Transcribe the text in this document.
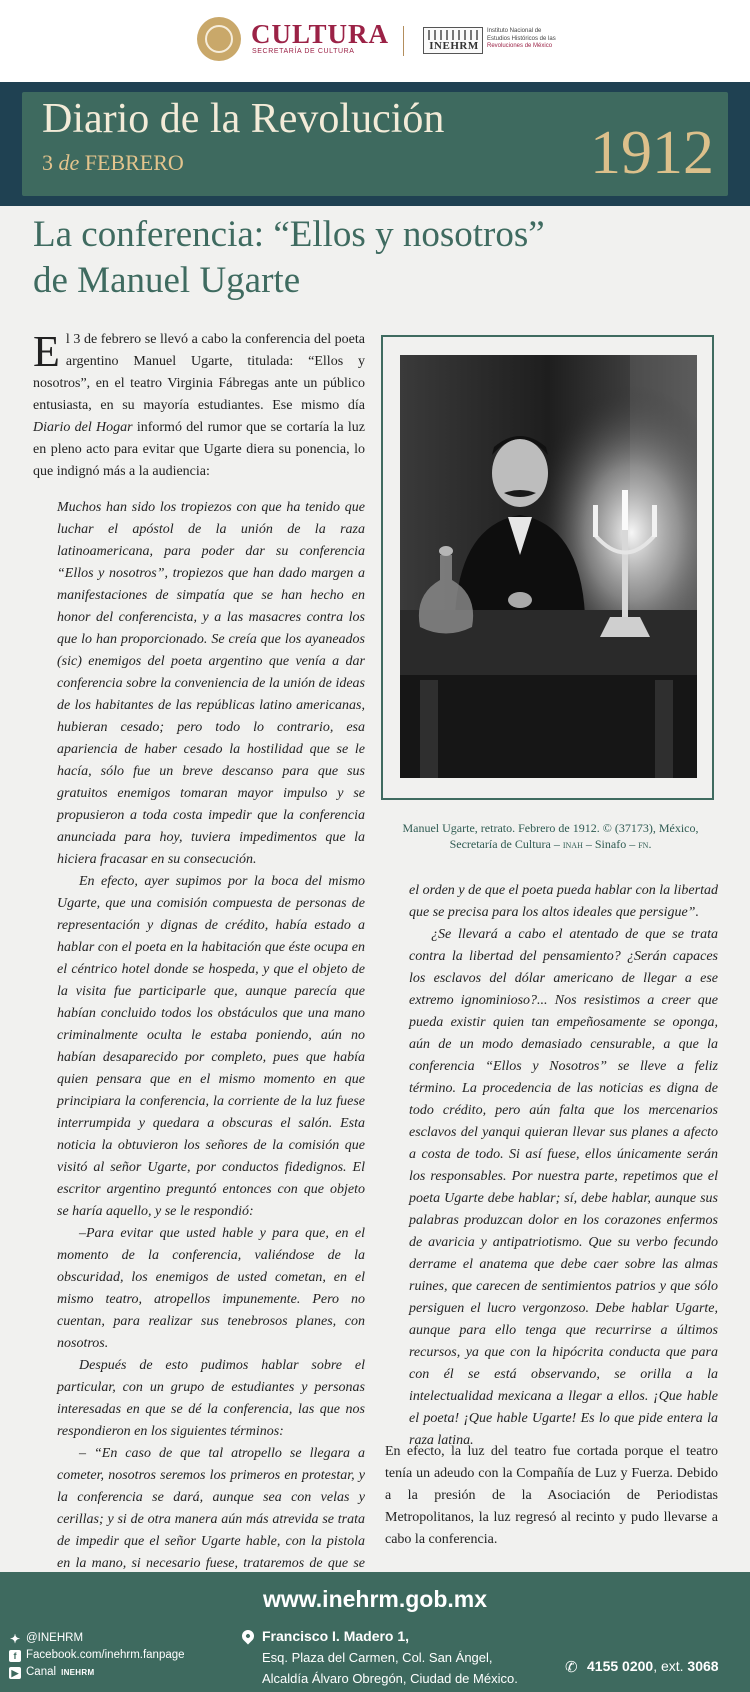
CULTURA
SECRETARÍA DE CULTURA	INEHRM
Instituto Nacional de
Estudios Históricos de las
Revoluciones de México
Diario de la Revolución
3 de FEBRERO	1912
La conferencia: “Ellos y nosotros”
de Manuel Ugarte
El 3 de febrero se llevó a cabo la conferencia del poeta argentino Manuel Ugarte, titulada: “Ellos y nosotros”, en el teatro Virginia Fábregas ante un público entusiasta, en su mayoría estudiantes. Ese mismo día Diario del Hogar informó del rumor que se cortaría la luz en pleno acto para evitar que Ugarte diera su ponencia, lo que indignó más a la audiencia:

Muchos han sido los tropiezos con que ha tenido que luchar el apóstol de la unión de la raza latinoamericana, para poder dar su conferencia “Ellos y nosotros”, tropiezos que han dado margen a manifestaciones de simpatía que se han hecho en honor del conferencista, y a las masacres contra los que lo han proporcionado. Se creía que los ayaneados (sic) enemigos del poeta argentino que venía a dar conferencia sobre la conveniencia de la unión de ideas de los habitantes de las repúblicas latino americanas, hubieran cesado; pero todo lo contrario, esa apariencia de haber cesado la hostilidad que se le hacía, sólo fue un breve descanso para que sus gratuitos enemigos tomaran mayor impulso y se propusieron a toda costa impedir que la conferencia anunciada para hoy, tuviera impedimentos que la hiciera fracasar en su consecución.

En efecto, ayer supimos por la boca del mismo Ugarte, que una comisión compuesta de personas de representación y dignas de crédito, había estado a hablar con el poeta en la habitación que éste ocupa en el céntrico hotel donde se hospeda, y que el objeto de la visita fue participarle que, aunque parecía que habían concluido todos los obstáculos que una mano criminalmente oculta le estaba poniendo, aún no habían desaparecido por completo, pues que había quien pensara que en el mismo momento en que principiara la conferencia, la corriente de la luz fuese interrumpida y quedara a obscuras el salón. Esta noticia la obtuvieron los señores de la comisión que visitó al señor Ugarte, por conductos fidedignos. El escritor argentino preguntó entonces con que objeto se haría aquello, y se le respondió:

–Para evitar que usted hable y para que, en el momento de la conferencia, valiéndose de la obscuridad, los enemigos de usted cometan, en el mismo teatro, atropellos impunemente. Pero no cuentan, para realizar sus tenebrosos planes, con nosotros.

Después de esto pudimos hablar sobre el particular, con un grupo de estudiantes y personas interesadas en que se dé la conferencia, las que nos respondieron en los siguientes términos:

– “En caso de que tal atropello se llegara a cometer, nosotros seremos los primeros en protestar, y la conferencia se dará, aunque sea con velas y cerillas; y si de otra manera aún más atrevida se trata de impedir que el señor Ugarte hable, con la pistola en la mano, si necesario fuese, trataremos de que se

Manuel Ugarte, retrato. Febrero de 1912. © (37173), México,
Secretaría de Cultura – inah – Sinafo – fn.

el orden y de que el poeta pueda hablar con la libertad que se precisa para los altos ideales que persigue”.

¿Se llevará a cabo el atentado de que se trata contra la libertad del pensamiento? ¿Serán capaces los esclavos del dólar americano de llegar a ese extremo ignominioso?... Nos resistimos a creer que pueda existir quien tan empeñosamente se oponga, aún de un modo demasiado censurable, a que la conferencia “Ellos y Nosotros” se lleve a feliz término. La procedencia de las noticias es digna de todo crédito, pero aún falta que los mercenarios esclavos del yanqui quieran llevar sus planes a afecto a costa de todo. Si así fuese, ellos únicamente serán los responsables. Por nuestra parte, repetimos que el poeta Ugarte debe hablar; sí, debe hablar, aunque sus palabras produzcan dolor en los corazones enfermos de avaricia y antipatriotismo. Que su verbo fecundo derrame el anatema que debe caer sobre las almas ruines, que carecen de sentimientos patrios y que sólo persiguen el lucro vergonzoso. Debe hablar Ugarte, aunque para ello tenga que recurrirse a últimos recursos, ya que con la hipócrita conducta que para con él se está observando, se orilla a la intelectualidad mexicana a llegar a ellos. ¡Que hable el poeta! ¡Que hable Ugarte! Es lo que pide entera la raza latina.

En efecto, la luz del teatro fue cortada porque el teatro tenía un adeudo con la Compañía de Luz y Fuerza. Debido a la presión de la Asociación de Periodistas Metropolitanos, la luz regresó al recinto y pudo llevarse a cabo la conferencia.
www.inehrm.gob.mx
✦ @INEHRM
f Facebook.com/inehrm.fanpage
▶ Canal INEHRM
Francisco I. Madero 1,
Esq. Plaza del Carmen, Col. San Ángel,
Alcaldía Álvaro Obregón, Ciudad de México.
✆ 4155 0200, ext. 3068
